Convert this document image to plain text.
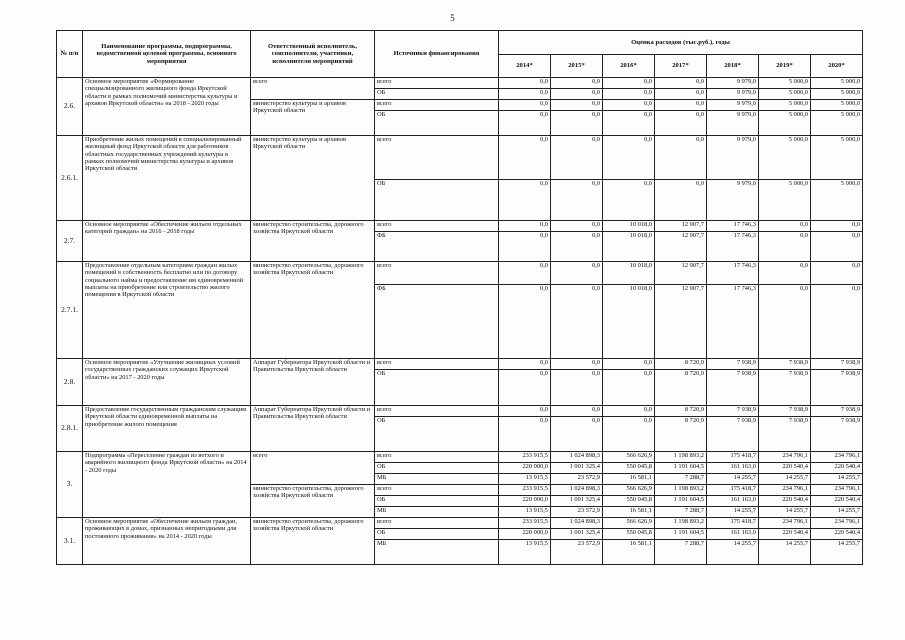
5
№ п/п	Наименование программы, подпрограммы, ведомственной целевой программы, основного мероприятия	Ответственный исполнитель, соисполнители, участники, исполнители мероприятий	Источники финансирования	Оценка расходов (тыс.руб.), годы						
				2014*	2015*	2016*	2017*	2018*	2019*	2020*
2.6.	Основное мероприятие «Формирование специализированного жилищного фонда Иркутской области в рамках полномочий министерства культуры и архивов Иркутской области» на 2018 - 2020 годы	всего	всего	0,0	0,0	0,0	0,0	9 979,0	5 000,0	5 000,0
			ОБ	0,0	0,0	0,0	0,0	9 979,0	5 000,0	5 000,0
		министерство культуры и архивов Иркутской области	всего	0,0	0,0	0,0	0,0	9 979,0	5 000,0	5 000,0
			ОБ	0,0	0,0	0,0	0,0	9 979,0	5 000,0	5 000,0
2.6.1.	Приобретение жилых помещений в специализированный жилищный фонд Иркутской области для работников областных государственных учреждений культуры в рамках полномочий министерства культуры и архивов Иркутской области	министерство культуры и архивов Иркутской области	всего	0,0	0,0	0,0	0,0	9 979,0	5 000,0	5 000,0
			ОБ	0,0	0,0	0,0	0,0	9 979,0	5 000,0	5 000,0
2.7.	Основное мероприятие «Обеспечение жильем отдельных категорий граждан» на 2016 - 2018 годы	министерство строительства, дорожного хозяйства Иркутской области	всего	0,0	0,0	10 018,0	12 907,7	17 746,3	0,0	0,0
			ФБ	0,0	0,0	10 018,0	12 907,7	17 746,3	0,0	0,0
2.7.1.	Предоставление отдельным категориям граждан жилых помещений в собственность бесплатно или по договору социального найма и предоставление им единовременной выплаты на приобретение или строительство жилого помещения в Иркутской области	министерство строительства, дорожного хозяйства Иркутской области	всего	0,0	0,0	10 018,0	12 907,7	17 746,3	0,0	0,0
			ФБ	0,0	0,0	10 018,0	12 907,7	17 746,3	0,0	0,0
2.8.	Основное мероприятие «Улучшение жилищных условий государственных гражданских служащих Иркутской области» на 2017 - 2020 годы	Аппарат Губернатора Иркутской области и Правительства Иркутской области	всего	0,0	0,0	0,0	8 720,9	7 938,9	7 938,9	7 938,9
			ОБ	0,0	0,0	0,0	8 720,9	7 938,9	7 938,9	7 938,9
2.8.1.	Предоставление государственным гражданским служащим Иркутской области единовременной выплаты на приобретение жилого помещения	Аппарат Губернатора Иркутской области и Правительства Иркутской области	всего	0,0	0,0	0,0	8 720,9	7 938,9	7 938,9	7 938,9
			ОБ	0,0	0,0	0,0	8 720,9	7 938,9	7 938,9	7 938,9
3.	Подпрограмма «Переселение граждан из ветхого и аварийного жилищного фонда Иркутской области» на 2014 - 2020 годы	всего	всего	233 915,5	1 024 898,3	566 626,9	1 198 893,2	175 418,7	234 796,1	234 796,1
			ОБ	220 000,0	1 001 325,4	550 045,8	1 191 604,5	161 163,0	220 540,4	220 540,4
			МБ	13 915,5	23 572,9	16 581,1	7 288,7	14 255,7	14 255,7	14 255,7
		министерство строительства, дорожного хозяйства Иркутской области	всего	233 915,5	1 024 898,3	566 626,9	1 198 893,2	175 418,7	234 796,1	234 796,1
			ОБ	220 000,0	1 001 325,4	550 045,8	1 191 604,5	161 163,0	220 540,4	220 540,4
			МБ	13 915,5	23 572,9	16 581,1	7 288,7	14 255,7	14 255,7	14 255,7
3.1.	Основное мероприятие «Обеспечение жильем граждан, проживающих в домах, признанных непригодными для постоянного проживания» на 2014 - 2020 годы	министерство строительства, дорожного хозяйства Иркутской области	всего	233 915,5	1 024 898,3	566 626,9	1 198 893,2	175 418,7	234 796,1	234 796,1
			ОБ	220 000,0	1 001 325,4	550 045,8	1 191 604,5	161 163,0	220 540,4	220 540,4
			МБ	13 915,5	23 572,9	16 581,1	7 288,7	14 255,7	14 255,7	14 255,7
